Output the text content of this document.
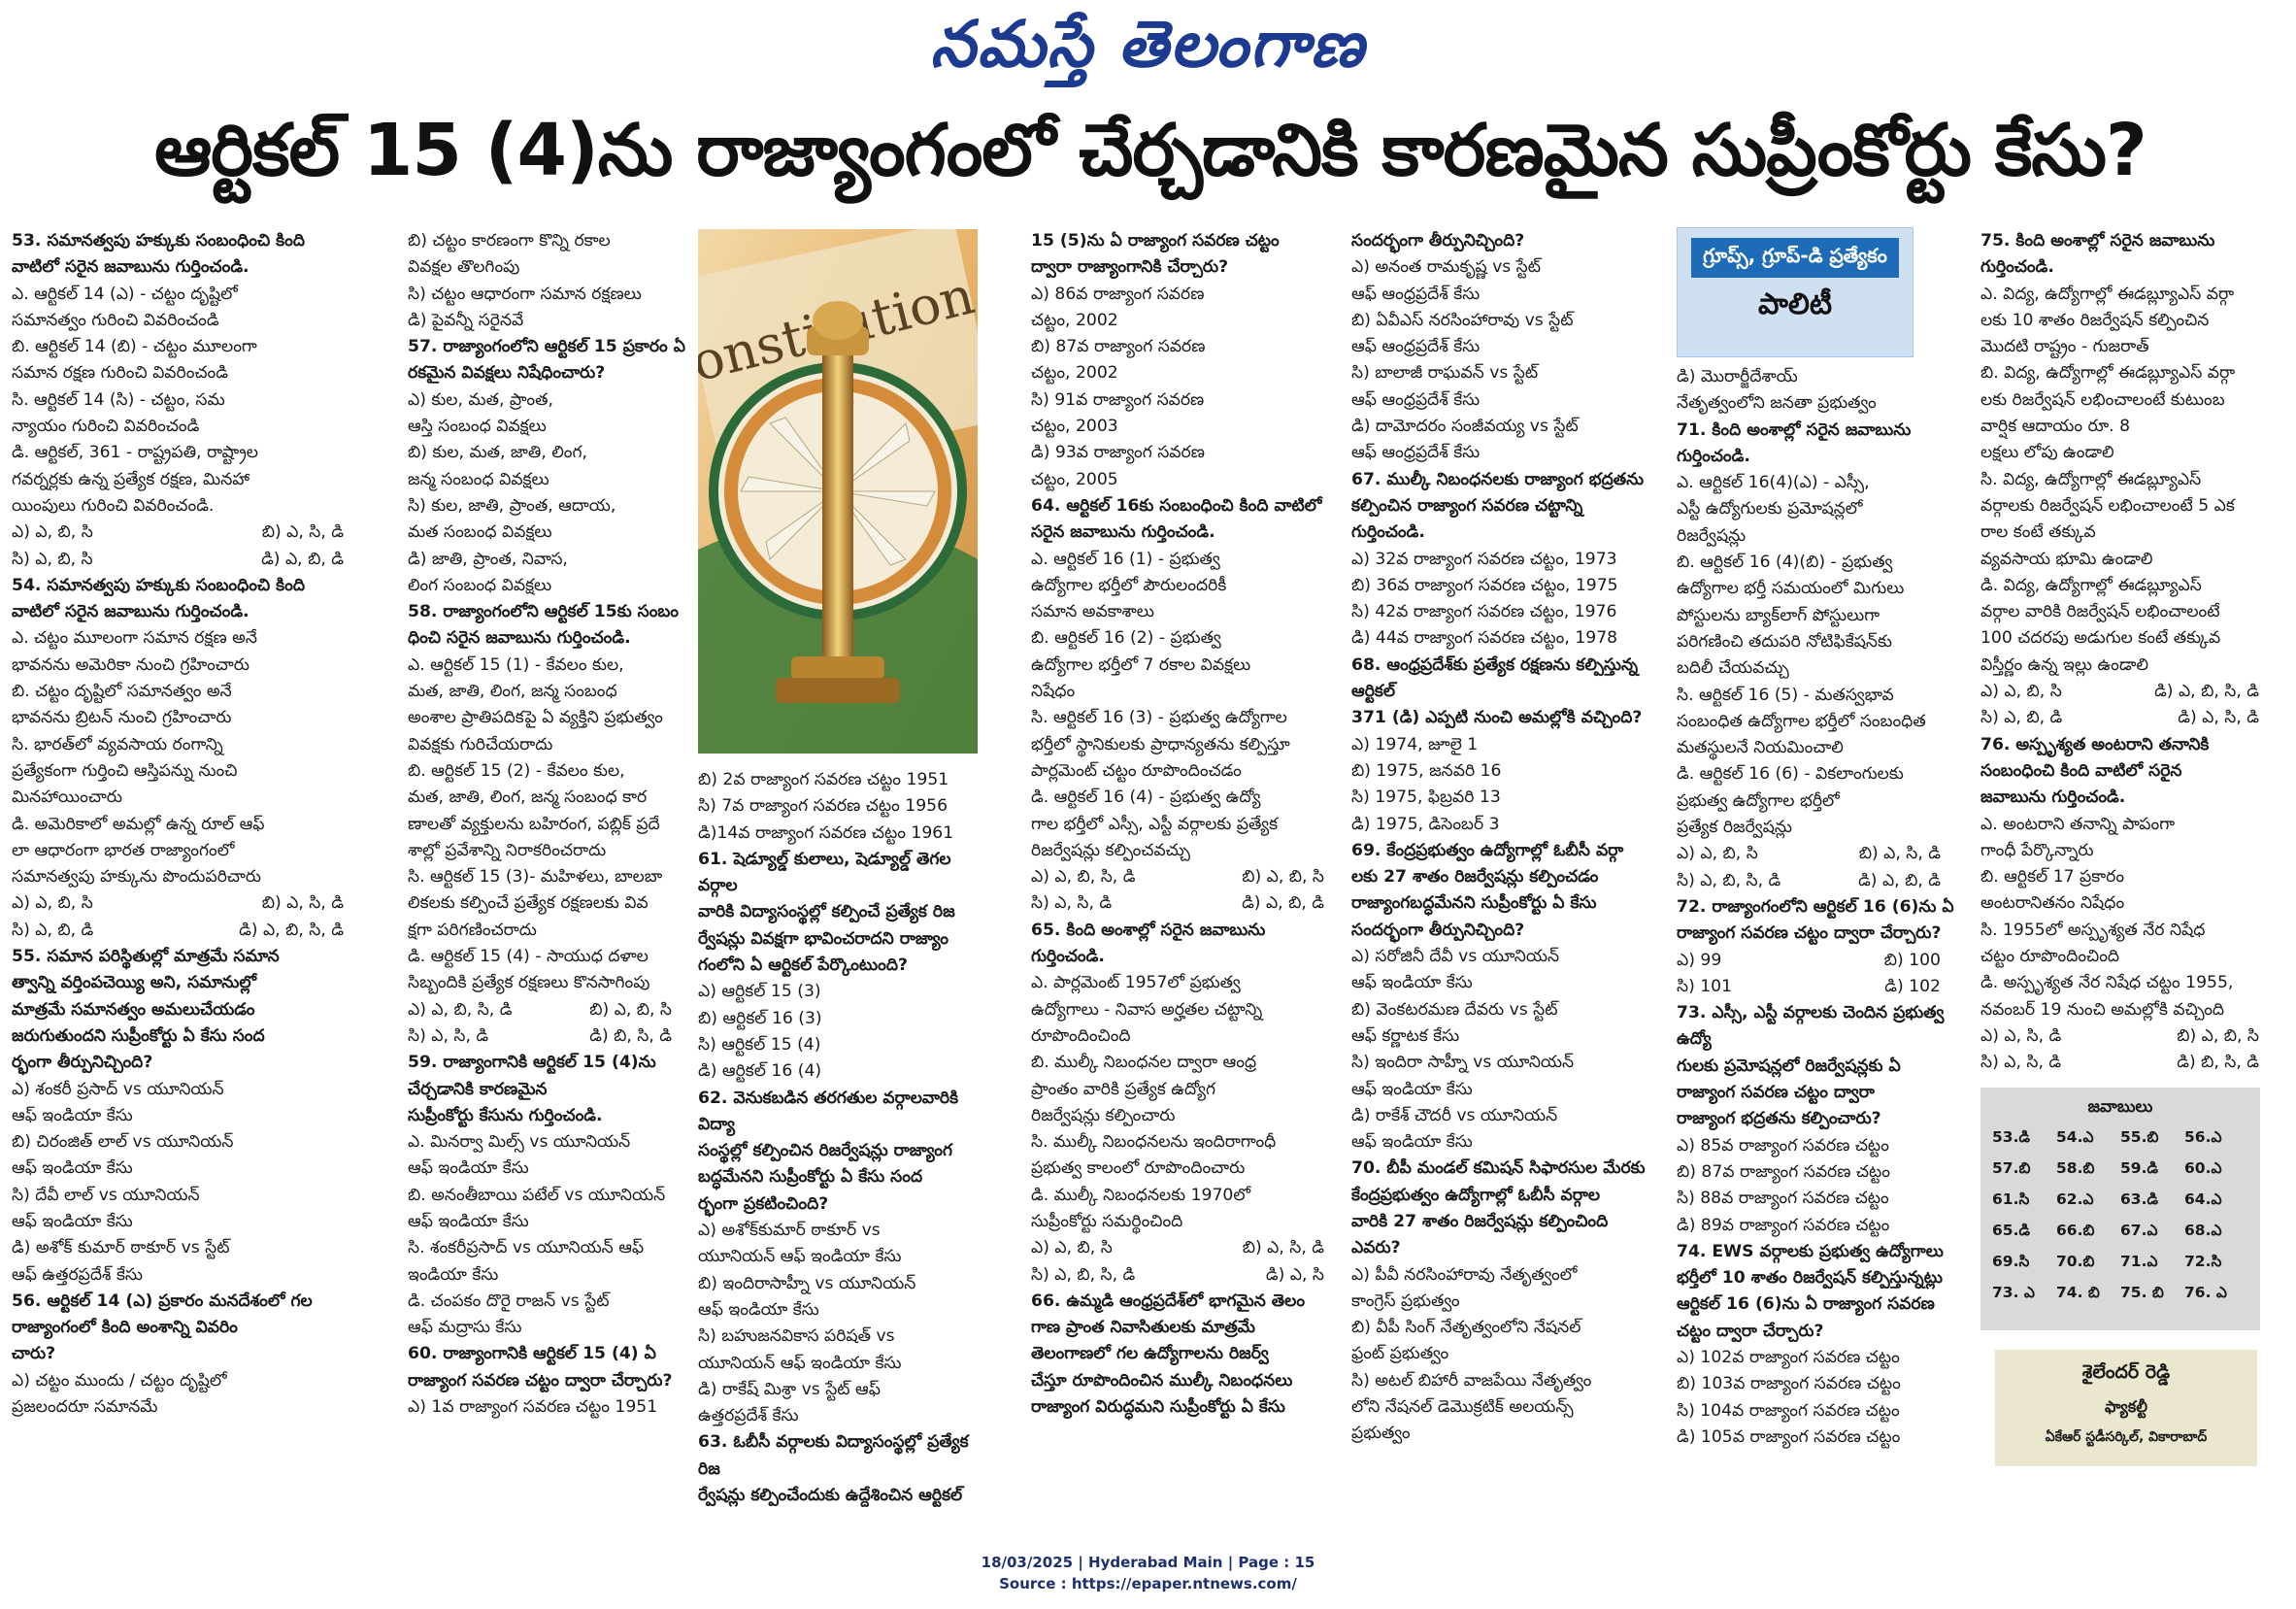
నమస్తే తెలంగాణ
ఆర్టికల్ 15 (4)ను రాజ్యాంగంలో చేర్చడానికి కారణమైన సుప్రీంకోర్టు కేసు?

53. సమానత్వపు హక్కుకు సంబంధించి కింది

వాటిలో సరైన జవాబును గుర్తించండి.

ఎ. ఆర్టికల్ 14 (ఎ) - చట్టం దృష్టిలో

సమానత్వం గురించి వివరించండి

బి. ఆర్టికల్ 14 (బి) - చట్టం మూలంగా

సమాన రక్షణ గురించి వివరించండి

సి. ఆర్టికల్ 14 (సి) - చట్టం, సమ

న్యాయం గురించి వివరించండి

డి. ఆర్టికల్, 361 - రాష్ట్రపతి, రాష్ట్రాల

గవర్నర్లకు ఉన్న ప్రత్యేక రక్షణ, మినహా

యింపులు గురించి వివరించండి.

ఎ) ఎ, బి, సి	బి) ఎ, సి, డి

సి) ఎ, బి, సి	డి) ఎ, బి, డి

54. సమానత్వపు హక్కుకు సంబంధించి కింది

వాటిలో సరైన జవాబును గుర్తించండి.

ఎ. చట్టం మూలంగా సమాన రక్షణ అనే

భావనను అమెరికా నుంచి గ్రహించారు

బి. చట్టం దృష్టిలో సమానత్వం అనే

భావనను బ్రిటన్ నుంచి గ్రహించారు

సి. భారత్‌లో వ్యవసాయ రంగాన్ని

ప్రత్యేకంగా గుర్తించి ఆస్తిపన్ను నుంచి

మినహాయించారు

డి. అమెరికాలో అమల్లో ఉన్న రూల్ ఆఫ్

లా ఆధారంగా భారత రాజ్యాంగంలో

సమానత్వపు హక్కును పొందుపరిచారు

ఎ) ఎ, బి, సి	బి) ఎ, సి, డి

సి) ఎ, బి, డి	డి) ఎ, బి, సి, డి

55. సమాన పరిస్థితుల్లో మాత్రమే సమాన

త్వాన్ని వర్తింపచెయ్యి అని, సమానుల్లో

మాత్రమే సమానత్వం అమలుచేయడం

జరుగుతుందని సుప్రీంకోర్టు ఏ కేసు సంద

ర్భంగా తీర్పునిచ్చింది?

ఎ) శంకరీ ప్రసాద్ vs యూనియన్

ఆఫ్ ఇండియా కేసు

బి) చిరంజిత్ లాల్ vs యూనియన్

ఆఫ్ ఇండియా కేసు

సి) దేవీ లాల్ vs యూనియన్

ఆఫ్ ఇండియా కేసు

డి) అశోక్ కుమార్ ఠాకూర్ vs స్టేట్

ఆఫ్ ఉత్తరప్రదేశ్ కేసు

56. ఆర్టికల్ 14 (ఎ) ప్రకారం మనదేశంలో గల

రాజ్యాంగంలో కింది అంశాన్ని వివరిం

చారు?

ఎ) చట్టం ముందు / చట్టం దృష్టిలో

ప్రజలందరూ సమానమే

బి) చట్టం కారణంగా కొన్ని రకాల

వివక్షల తొలగింపు

సి) చట్టం ఆధారంగా సమాన రక్షణలు

డి) పైవన్నీ సరైనవే

57. రాజ్యాంగంలోని ఆర్టికల్ 15 ప్రకారం ఏ

రకమైన వివక్షలు నిషేధించారు?

ఎ) కుల, మత, ప్రాంత,

ఆస్తి సంబంధ వివక్షలు

బి) కుల, మత, జాతి, లింగ,

జన్మ సంబంధ వివక్షలు

సి) కుల, జాతి, ప్రాంత, ఆదాయ,

మత సంబంధ వివక్షలు

డి) జాతి, ప్రాంత, నివాస,

లింగ సంబంధ వివక్షలు

58. రాజ్యాంగంలోని ఆర్టికల్ 15కు సంబం

ధించి సరైన జవాబును గుర్తించండి.

ఎ. ఆర్టికల్ 15 (1) - కేవలం కుల,

మత, జాతి, లింగ, జన్మ సంబంధ

అంశాల ప్రాతిపదికపై ఏ వ్యక్తిని ప్రభుత్వం

వివక్షకు గురిచేయరాదు

బి. ఆర్టికల్ 15 (2) - కేవలం కుల,

మత, జాతి, లింగ, జన్మ సంబంధ కార

ణాలతో వ్యక్తులను బహిరంగ, పబ్లిక్ ప్రదే

శాల్లో ప్రవేశాన్ని నిరాకరించరాదు

సి. ఆర్టికల్ 15 (3)- మహిళలు, బాలబా

లికలకు కల్పించే ప్రత్యేక రక్షణలకు వివ

క్షగా పరిగణించరాదు

డి. ఆర్టికల్ 15 (4) - సాయుధ దళాల

సిబ్బందికి ప్రత్యేక రక్షణలు కొనసాగింపు

ఎ) ఎ, బి, సి, డి	బి) ఎ, బి, సి

సి) ఎ, సి, డి	డి) బి, సి, డి

59. రాజ్యాంగానికి ఆర్టికల్ 15 (4)ను

చేర్చడానికి కారణమైన

సుప్రీంకోర్టు కేసును గుర్తించండి.

ఎ. మినర్వా మిల్స్ vs యూనియన్

ఆఫ్ ఇండియా కేసు

బి. అనంతీబాయి పటేల్ vs యూనియన్

ఆఫ్ ఇండియా కేసు

సి. శంకరీప్రసాద్ vs యూనియన్ ఆఫ్

ఇండియా కేసు

డి. చంపకం దొరై రాజన్ vs స్టేట్

ఆఫ్ మద్రాసు కేసు

60. రాజ్యాంగానికి ఆర్టికల్ 15 (4) ఏ

రాజ్యాంగ సవరణ చట్టం ద్వారా చేర్చారు?

ఎ) 1వ రాజ్యాంగ సవరణ చట్టం 1951

బి) 2వ రాజ్యాంగ సవరణ చట్టం 1951

సి) 7వ రాజ్యాంగ సవరణ చట్టం 1956

డి)14వ రాజ్యాంగ సవరణ చట్టం 1961

61. షెడ్యూల్డ్ కులాలు, షెడ్యూల్డ్ తెగల వర్గాల

వారికి విద్యాసంస్థల్లో కల్పించే ప్రత్యేక రిజ

ర్వేషన్లు వివక్షగా భావించరాదని రాజ్యాం

గంలోని ఏ ఆర్టికల్ పేర్కొంటుంది?

ఎ) ఆర్టికల్ 15 (3)

బి) ఆర్టికల్ 16 (3)

సి) ఆర్టికల్ 15 (4)

డి) ఆర్టికల్ 16 (4)

62. వెనుకబడిన తరగతుల వర్గాలవారికి విద్యా

సంస్థల్లో కల్పించిన రిజర్వేషన్లు రాజ్యాంగ

బద్ధమేనని సుప్రీంకోర్టు ఏ కేసు సంద

ర్భంగా ప్రకటించింది?

ఎ) అశోక్‌కుమార్ ఠాకూర్ vs

యూనియన్ ఆఫ్ ఇండియా కేసు

బి) ఇందిరాసాహ్నీ vs యూనియన్

ఆఫ్ ఇండియా కేసు

సి) బహుజనవికాస పరిషత్ vs

యూనియన్ ఆఫ్ ఇండియా కేసు

డి) రాకేష్ మిశ్రా vs స్టేట్ ఆఫ్

ఉత్తరప్రదేశ్ కేసు

63. ఓబీసీ వర్గాలకు విద్యాసంస్థల్లో ప్రత్యేక రిజ

ర్వేషన్లు కల్పించేందుకు ఉద్దేశించిన ఆర్టికల్

15 (5)ను ఏ రాజ్యాంగ సవరణ చట్టం

ద్వారా రాజ్యాంగానికి చేర్చారు?

ఎ) 86వ రాజ్యాంగ సవరణ

చట్టం, 2002

బి) 87వ రాజ్యాంగ సవరణ

చట్టం, 2002

సి) 91వ రాజ్యాంగ సవరణ

చట్టం, 2003

డి) 93వ రాజ్యాంగ సవరణ

చట్టం, 2005

64. ఆర్టికల్ 16కు సంబంధించి కింది వాటిలో

సరైన జవాబును గుర్తించండి.

ఎ. ఆర్టికల్ 16 (1) - ప్రభుత్వ

ఉద్యోగాల భర్తీలో పౌరులందరికీ

సమాన అవకాశాలు

బి. ఆర్టికల్ 16 (2) - ప్రభుత్వ

ఉద్యోగాల భర్తీలో 7 రకాల వివక్షలు

నిషేధం

సి. ఆర్టికల్ 16 (3) - ప్రభుత్వ ఉద్యోగాల

భర్తీలో స్థానికులకు ప్రాధాన్యతను కల్పిస్తూ

పార్లమెంట్ చట్టం రూపొందించడం

డి. ఆర్టికల్ 16 (4) - ప్రభుత్వ ఉద్యో

గాల భర్తీలో ఎస్సీ, ఎస్టీ వర్గాలకు ప్రత్యేక

రిజర్వేషన్లు కల్పించవచ్చు

ఎ) ఎ, బి, సి, డి	బి) ఎ, బి, సి

సి) ఎ, సి, డి	డి) ఎ, బి, డి

65. కింది అంశాల్లో సరైన జవాబును

గుర్తించండి.

ఎ. పార్లమెంట్ 1957లో ప్రభుత్వ

ఉద్యోగాలు - నివాస అర్హతల చట్టాన్ని

రూపొందించింది

బి. ముల్కీ నిబంధనల ద్వారా ఆంధ్ర

ప్రాంతం వారికి ప్రత్యేక ఉద్యోగ

రిజర్వేషన్లు కల్పించారు

సి. ముల్కీ నిబంధనలను ఇందిరాగాంధీ

ప్రభుత్వ కాలంలో రూపొందించారు

డి. ముల్కీ నిబంధనలకు 1970లో

సుప్రీంకోర్టు సమర్థించింది

ఎ) ఎ, బి, సి	బి) ఎ, సి, డి

సి) ఎ, బి, సి, డి	డి) ఎ, సి

66. ఉమ్మడి ఆంధ్రప్రదేశ్‌లో భాగమైన తెలం

గాణ ప్రాంత నివాసితులకు మాత్రమే

తెలంగాణలో గల ఉద్యోగాలను రిజర్వ్

చేస్తూ రూపొందించిన ముల్కీ నిబంధనలు

రాజ్యాంగ విరుద్ధమని సుప్రీంకోర్టు ఏ కేసు

సందర్భంగా తీర్పునిచ్చింది?

ఎ) అనంత రామకృష్ణ vs స్టేట్

ఆఫ్ ఆంధ్రప్రదేశ్ కేసు

బి) ఏవీఎస్ నరసింహారావు vs స్టేట్

ఆఫ్ ఆంధ్రప్రదేశ్ కేసు

సి) బాలాజీ రాఘవన్ vs స్టేట్

ఆఫ్ ఆంధ్రప్రదేశ్ కేసు

డి) దామోదరం సంజీవయ్య vs స్టేట్

ఆఫ్ ఆంధ్రప్రదేశ్ కేసు

67. ముల్కీ నిబంధనలకు రాజ్యాంగ భద్రతను

కల్పించిన రాజ్యాంగ సవరణ చట్టాన్ని

గుర్తించండి.

ఎ) 32వ రాజ్యాంగ సవరణ చట్టం, 1973

బి) 36వ రాజ్యాంగ సవరణ చట్టం, 1975

సి) 42వ రాజ్యాంగ సవరణ చట్టం, 1976

డి) 44వ రాజ్యాంగ సవరణ చట్టం, 1978

68. ఆంధ్రప్రదేశ్‌కు ప్రత్యేక రక్షణను కల్పిస్తున్న ఆర్టికల్

371 (డి) ఎప్పటి నుంచి అమల్లోకి వచ్చింది?

ఎ) 1974, జూలై 1

బి) 1975, జనవరి 16

సి) 1975, ఫిబ్రవరి 13

డి) 1975, డిసెంబర్ 3

69. కేంద్రప్రభుత్వం ఉద్యోగాల్లో ఓబీసీ వర్గా

లకు 27 శాతం రిజర్వేషన్లు కల్పించడం

రాజ్యాంగబద్ధమేనని సుప్రీంకోర్టు ఏ కేసు

సందర్భంగా తీర్పునిచ్చింది?

ఎ) సరోజినీ దేవీ vs యూనియన్

ఆఫ్ ఇండియా కేసు

బి) వెంకటరమణ దేవరు vs స్టేట్

ఆఫ్ కర్ణాటక కేసు

సి) ఇందిరా సాహ్నీ vs యూనియన్

ఆఫ్ ఇండియా కేసు

డి) రాకేశ్ చౌదరీ vs యూనియన్

ఆఫ్ ఇండియా కేసు

70. బీపీ మండల్ కమిషన్ సిఫారసుల మేరకు

కేంద్రప్రభుత్వం ఉద్యోగాల్లో ఓబీసీ వర్గాల

వారికి 27 శాతం రిజర్వేషన్లు కల్పించింది

ఎవరు?

ఎ) పీవీ నరసింహారావు నేతృత్వంలో

కాంగ్రెస్ ప్రభుత్వం

బి) వీపీ సింగ్ నేతృత్వంలోని నేషనల్

ఫ్రంట్ ప్రభుత్వం

సి) అటల్ బిహారీ వాజపేయి నేతృత్వం

లోని నేషనల్ డెమొక్రటిక్ అలయన్స్

ప్రభుత్వం

డి) మొరార్జీదేశాయ్

నేతృత్వంలోని జనతా ప్రభుత్వం

71. కింది అంశాల్లో సరైన జవాబును

గుర్తించండి.

ఎ. ఆర్టికల్ 16(4)(ఎ) - ఎస్సీ,

ఎస్టీ ఉద్యోగులకు ప్రమోషన్లలో

రిజర్వేషన్లు

బి. ఆర్టికల్ 16 (4)(బి) - ప్రభుత్వ

ఉద్యోగాల భర్తీ సమయంలో మిగులు

పోస్టులను బ్యాక్‌లాగ్ పోస్టులుగా

పరిగణించి తదుపరి నోటిఫికేషన్‌కు

బదిలీ చేయవచ్చు

సి. ఆర్టికల్ 16 (5) - మతస్వభావ

సంబంధిత ఉద్యోగాల భర్తీలో సంబంధిత

మతస్థులనే నియమించాలి

డి. ఆర్టికల్ 16 (6) - వికలాంగులకు

ప్రభుత్వ ఉద్యోగాల భర్తీలో

ప్రత్యేక రిజర్వేషన్లు

ఎ) ఎ, బి, సి	బి) ఎ, సి, డి

సి) ఎ, బి, సి, డి	డి) ఎ, బి, డి

72. రాజ్యాంగంలోని ఆర్టికల్ 16 (6)ను ఏ

రాజ్యాంగ సవరణ చట్టం ద్వారా చేర్చారు?

ఎ) 99	బి) 100

సి) 101	డి) 102

73. ఎస్సీ, ఎస్టీ వర్గాలకు చెందిన ప్రభుత్వ ఉద్యో

గులకు ప్రమోషన్లలో రిజర్వేషన్లకు ఏ

రాజ్యాంగ సవరణ చట్టం ద్వారా

రాజ్యాంగ భద్రతను కల్పించారు?

ఎ) 85వ రాజ్యాంగ సవరణ చట్టం

బి) 87వ రాజ్యాంగ సవరణ చట్టం

సి) 88వ రాజ్యాంగ సవరణ చట్టం

డి) 89వ రాజ్యాంగ సవరణ చట్టం

74. EWS వర్గాలకు ప్రభుత్వ ఉద్యోగాలు

భర్తీలో 10 శాతం రిజర్వేషన్ కల్పిస్తున్నట్లు

ఆర్టికల్ 16 (6)ను ఏ రాజ్యాంగ సవరణ

చట్టం ద్వారా చేర్చారు?

ఎ) 102వ రాజ్యాంగ సవరణ చట్టం

బి) 103వ రాజ్యాంగ సవరణ చట్టం

సి) 104వ రాజ్యాంగ సవరణ చట్టం

డి) 105వ రాజ్యాంగ సవరణ చట్టం

75. కింది అంశాల్లో సరైన జవాబును గుర్తించండి.

ఎ. విద్య, ఉద్యోగాల్లో ఈడబ్ల్యూఎస్ వర్గా

లకు 10 శాతం రిజర్వేషన్ కల్పించిన

మొదటి రాష్ట్రం - గుజరాత్

బి. విద్య, ఉద్యోగాల్లో ఈడబ్ల్యూఎస్ వర్గా

లకు రిజర్వేషన్ లభించాలంటే కుటుంబ

వార్షిక ఆదాయం రూ. 8

లక్షలు లోపు ఉండాలి

సి. విద్య, ఉద్యోగాల్లో ఈడబ్ల్యూఎస్

వర్గాలకు రిజర్వేషన్ లభించాలంటే 5 ఎక

రాల కంటే తక్కువ

వ్యవసాయ భూమి ఉండాలి

డి. విద్య, ఉద్యోగాల్లో ఈడబ్ల్యూఎస్

వర్గాల వారికి రిజర్వేషన్ లభించాలంటే

100 చదరపు అడుగుల కంటే తక్కువ

విస్తీర్ణం ఉన్న ఇల్లు ఉండాలి

ఎ) ఎ, బి, సి	డి) ఎ, బి, సి, డి

సి) ఎ, బి, డి	డి) ఎ, సి, డి

76. అస్పృశ్యత అంటరాని తనానికి

సంబంధించి కింది వాటిలో సరైన

జవాబును గుర్తించండి.

ఎ. అంటరాని తనాన్ని పాపంగా

గాంధీ పేర్కొన్నారు

బి. ఆర్టికల్ 17 ప్రకారం

అంటరానితనం నిషేధం

సి. 1955లో అస్పృశ్యత నేర నిషేధ

చట్టం రూపొందించింది

డి. అస్పృశ్యత నేర నిషేధ చట్టం 1955,

నవంబర్ 19 నుంచి అమల్లోకి వచ్చింది

ఎ) ఎ, సి, డి	బి) ఎ, బి, సి

సి) ఎ, సి, డి	డి) బి, సి, డి

గ్రూప్స్, గ్రూప్-డి ప్రత్యేకం
పాలిటీ
జవాబులు
53.డి	54.ఎ	55.బి	56.ఎ
57.బి	58.బి	59.డి	60.ఎ
61.సి	62.ఎ	63.డి	64.ఎ
65.డి	66.బి	67.ఎ	68.ఎ
69.సి	70.బి	71.ఎ	72.సి
73. ఎ	74. బి	75. బి	76. ఎ
శైలేందర్ రెడ్డి
ఫ్యాకల్టీ
ఏకేఆర్ స్టడీసర్కిల్, వికారాబాద్
18/03/2025 | Hyderabad Main | Page : 15
Source : https://epaper.ntnews.com/
